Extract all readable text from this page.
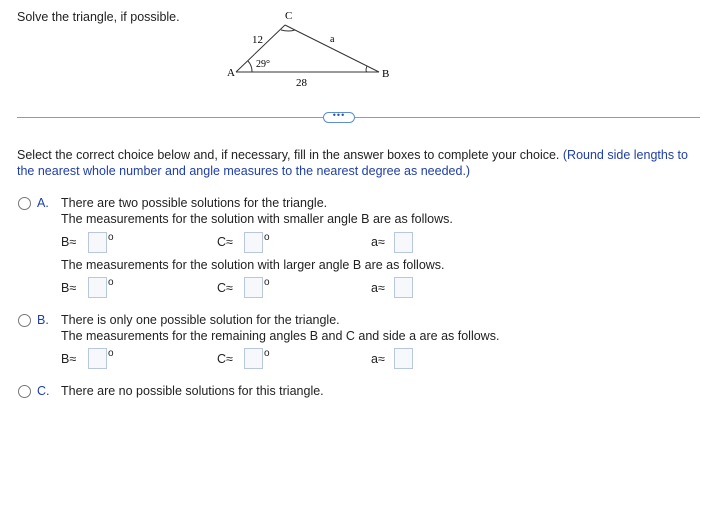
Solve the triangle, if possible.
A	B
C
12
28
a
29°
•••
Select the correct choice below and, if necessary, fill in the answer boxes to complete your choice. (Round side lengths to the nearest whole number and angle measures to the nearest degree as needed.)
A. There are two possible solutions for the triangle.
The measurements for the solution with smaller angle B are as follows.
B≈	o	C≈	o	a≈
The measurements for the solution with larger angle B are as follows.
B≈	o	C≈	o	a≈
B. There is only one possible solution for the triangle.
The measurements for the remaining angles B and C and side a are as follows.
B≈	o	C≈	o	a≈
C. There are no possible solutions for this triangle.
